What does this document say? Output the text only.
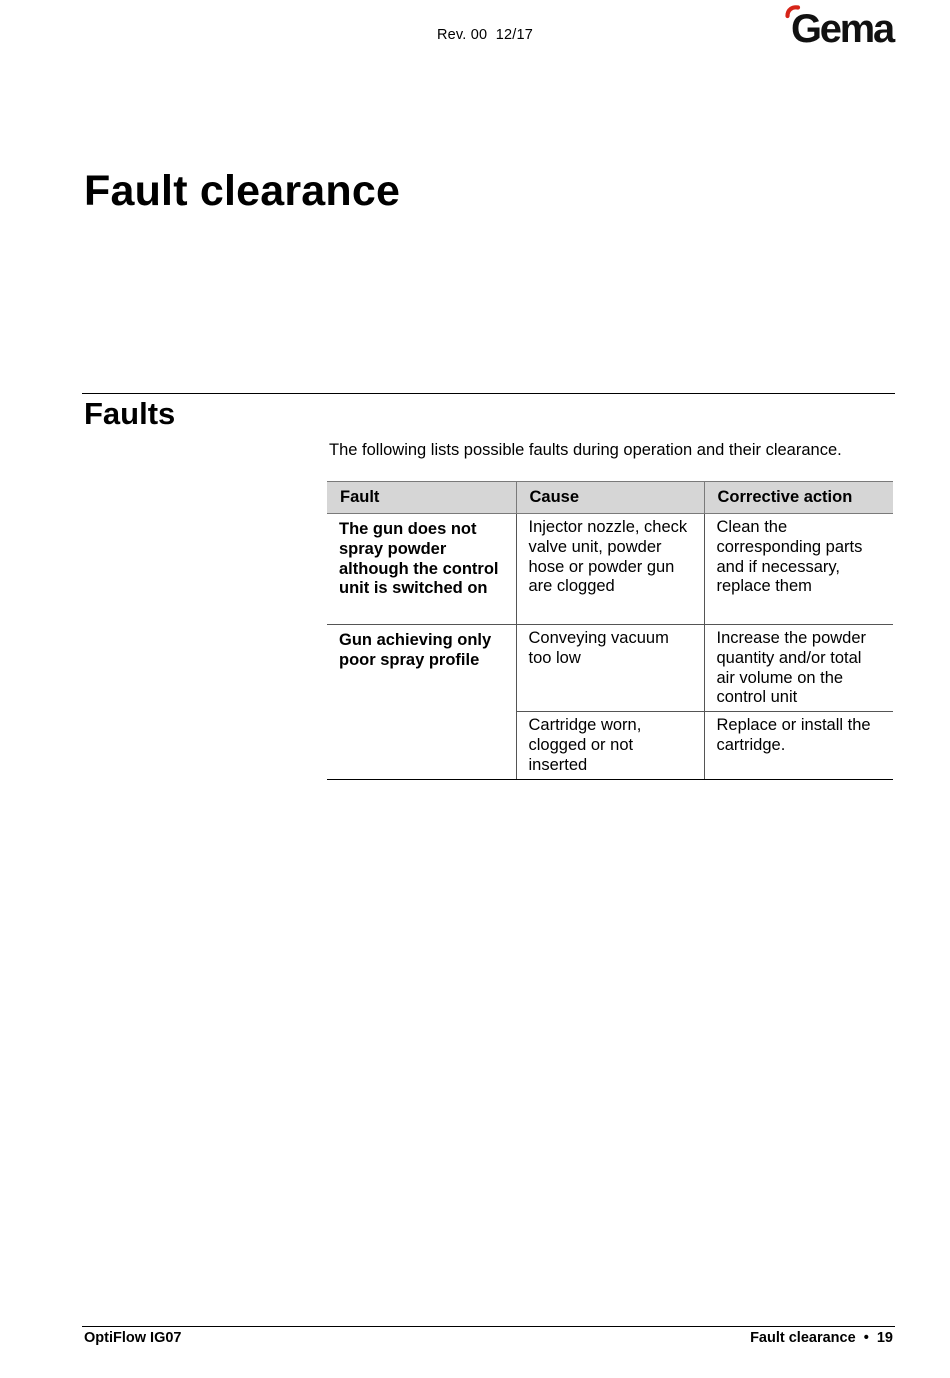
Rev. 00  12/17	Gema
Fault clearance
Faults

The following lists possible faults during operation and their clearance.

Fault	Cause	Corrective action
The gun does not spray powder although the control unit is switched on	Injector nozzle, check valve unit, powder hose or powder gun are clogged	Clean the corresponding parts and if necessary, replace them
Gun achieving only poor spray profile	Conveying vacuum too low	Increase the powder quantity and/or total air volume on the control unit
	Cartridge worn, clogged or not inserted	Replace or install the cartridge.
OptiFlow IG07	Fault clearance • 19
